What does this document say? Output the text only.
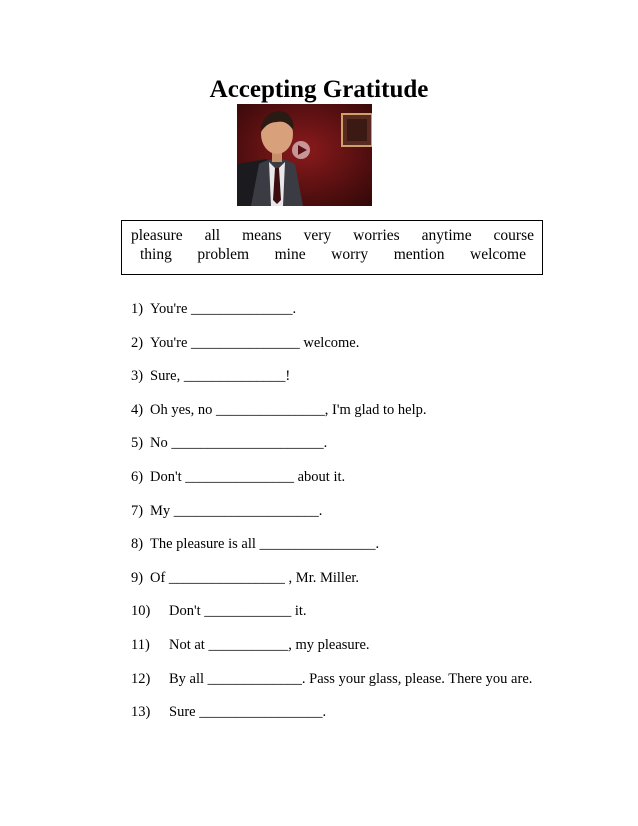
Accepting Gratitude
pleasure all means very worries anytime course
thing problem mine worry mention welcome
1) You're ______________.
2) You're _______________ welcome.
3) Sure, ______________!
4) Oh yes, no _______________, I'm glad to help.
5) No _____________________.
6) Don't _______________ about it.
7) My ____________________.
8) The pleasure is all ________________.
9) Of ________________ , Mr. Miller.
10) Don't ____________ it.
11) Not at ___________, my pleasure.
12) By all _____________. Pass your glass, please. There you are.
13) Sure _________________.
